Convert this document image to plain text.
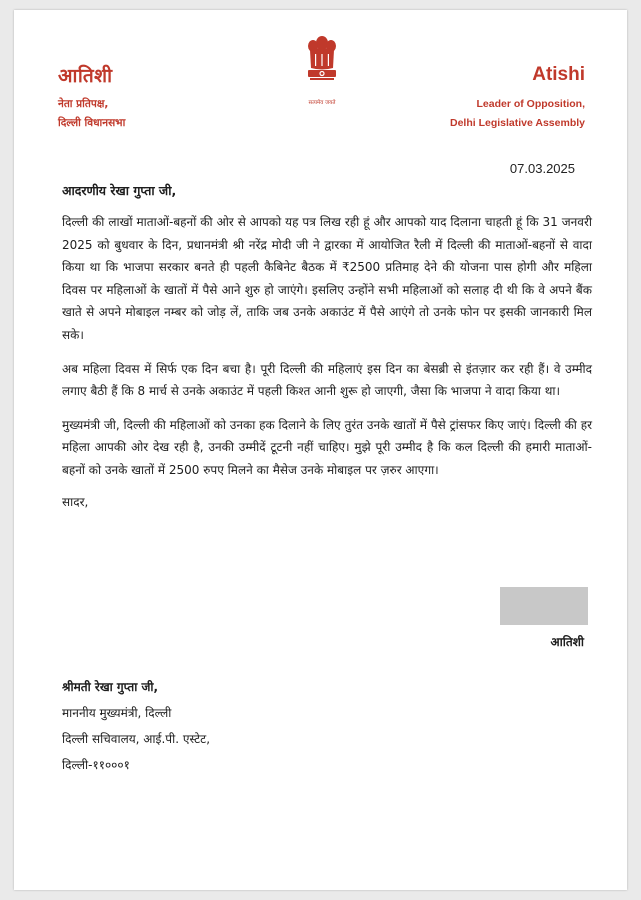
आतिशी
नेता प्रतिपक्ष,
दिल्ली विधानसभा
सत्यमेव जयते
Atishi
Leader of Opposition,
Delhi Legislative Assembly
07.03.2025

आदरणीय रेखा गुप्ता जी,

दिल्ली की लाखों माताओं-बहनों की ओर से आपको यह पत्र लिख रही हूं और आपको याद दिलाना चाहती हूं कि 31 जनवरी 2025 को बुधवार के दिन, प्रधानमंत्री श्री नरेंद्र मोदी जी ने द्वारका में आयोजित रैली में दिल्ली की माताओं-बहनों से वादा किया था कि भाजपा सरकार बनते ही पहली कैबिनेट बैठक में ₹2500 प्रतिमाह देने की योजना पास होगी और महिला दिवस पर महिलाओं के खातों में पैसे आने शुरु हो जाएंगे। इसलिए उन्होंने सभी महिलाओं को सलाह दी थी कि वे अपने बैंक खाते से अपने मोबाइल नम्बर को जोड़ लें, ताकि जब उनके अकाउंट में पैसे आएंगे तो उनके फोन पर इसकी जानकारी मिल सके।

अब महिला दिवस में सिर्फ एक दिन बचा है। पूरी दिल्ली की महिलाएं इस दिन का बेसब्री से इंतज़ार कर रही हैं। वे उम्मीद लगाए बैठी हैं कि 8 मार्च से उनके अकाउंट में पहली किश्त आनी शुरू हो जाएगी, जैसा कि भाजपा ने वादा किया था।

मुख्यमंत्री जी, दिल्ली की महिलाओं को उनका हक दिलाने के लिए तुरंत उनके खातों में पैसे ट्रांसफर किए जाएं। दिल्ली की हर महिला आपकी ओर देख रही है, उनकी उम्मीदें टूटनी नहीं चाहिए। मुझे पूरी उम्मीद है कि कल दिल्ली की हमारी माताओं-बहनों को उनके खातों में 2500 रुपए मिलने का मैसेज उनके मोबाइल पर ज़रुर आएगा।

सादर,

आतिशी
श्रीमती रेखा गुप्ता जी,
माननीय मुख्यमंत्री, दिल्ली
दिल्ली सचिवालय, आई.पी. एस्टेट,
दिल्ली-११०००१
